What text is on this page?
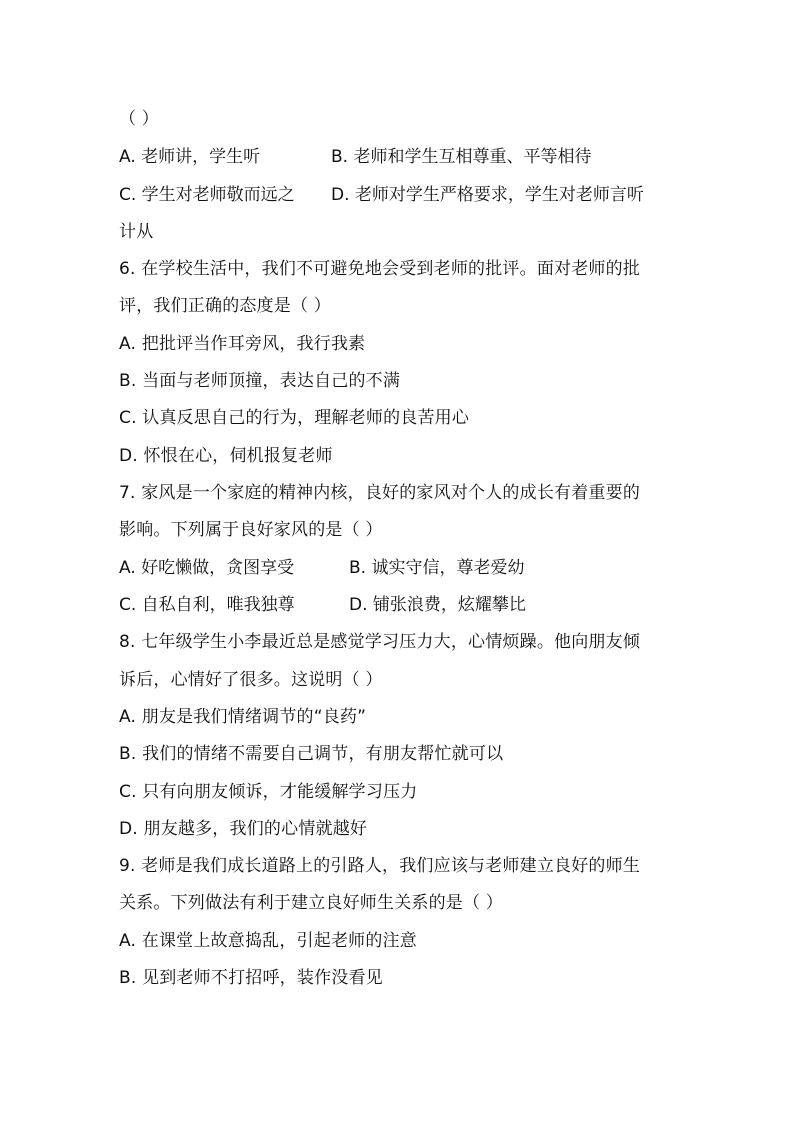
（ ）
A. 老师讲，学生听	B. 老师和学生互相尊重、平等相待
C. 学生对老师敬而远之 D. 老师对学生严格要求，学生对老师言听
计从
6. 在学校生活中，我们不可避免地会受到老师的批评。面对老师的批
评，我们正确的态度是（ ）
A. 把批评当作耳旁风，我行我素
B. 当面与老师顶撞，表达自己的不满
C. 认真反思自己的行为，理解老师的良苦用心
D. 怀恨在心，伺机报复老师
7. 家风是一个家庭的精神内核，良好的家风对个人的成长有着重要的
影响。下列属于良好家风的是（ ）
A. 好吃懒做，贪图享受	B. 诚实守信，尊老爱幼
C. 自私自利，唯我独尊	D. 铺张浪费，炫耀攀比
8. 七年级学生小李最近总是感觉学习压力大，心情烦躁。他向朋友倾
诉后，心情好了很多。这说明（ ）
A. 朋友是我们情绪调节的“良药”
B. 我们的情绪不需要自己调节，有朋友帮忙就可以
C. 只有向朋友倾诉，才能缓解学习压力
D. 朋友越多，我们的心情就越好
9. 老师是我们成长道路上的引路人，我们应该与老师建立良好的师生
关系。下列做法有利于建立良好师生关系的是（ ）
A. 在课堂上故意捣乱，引起老师的注意
B. 见到老师不打招呼，装作没看见
